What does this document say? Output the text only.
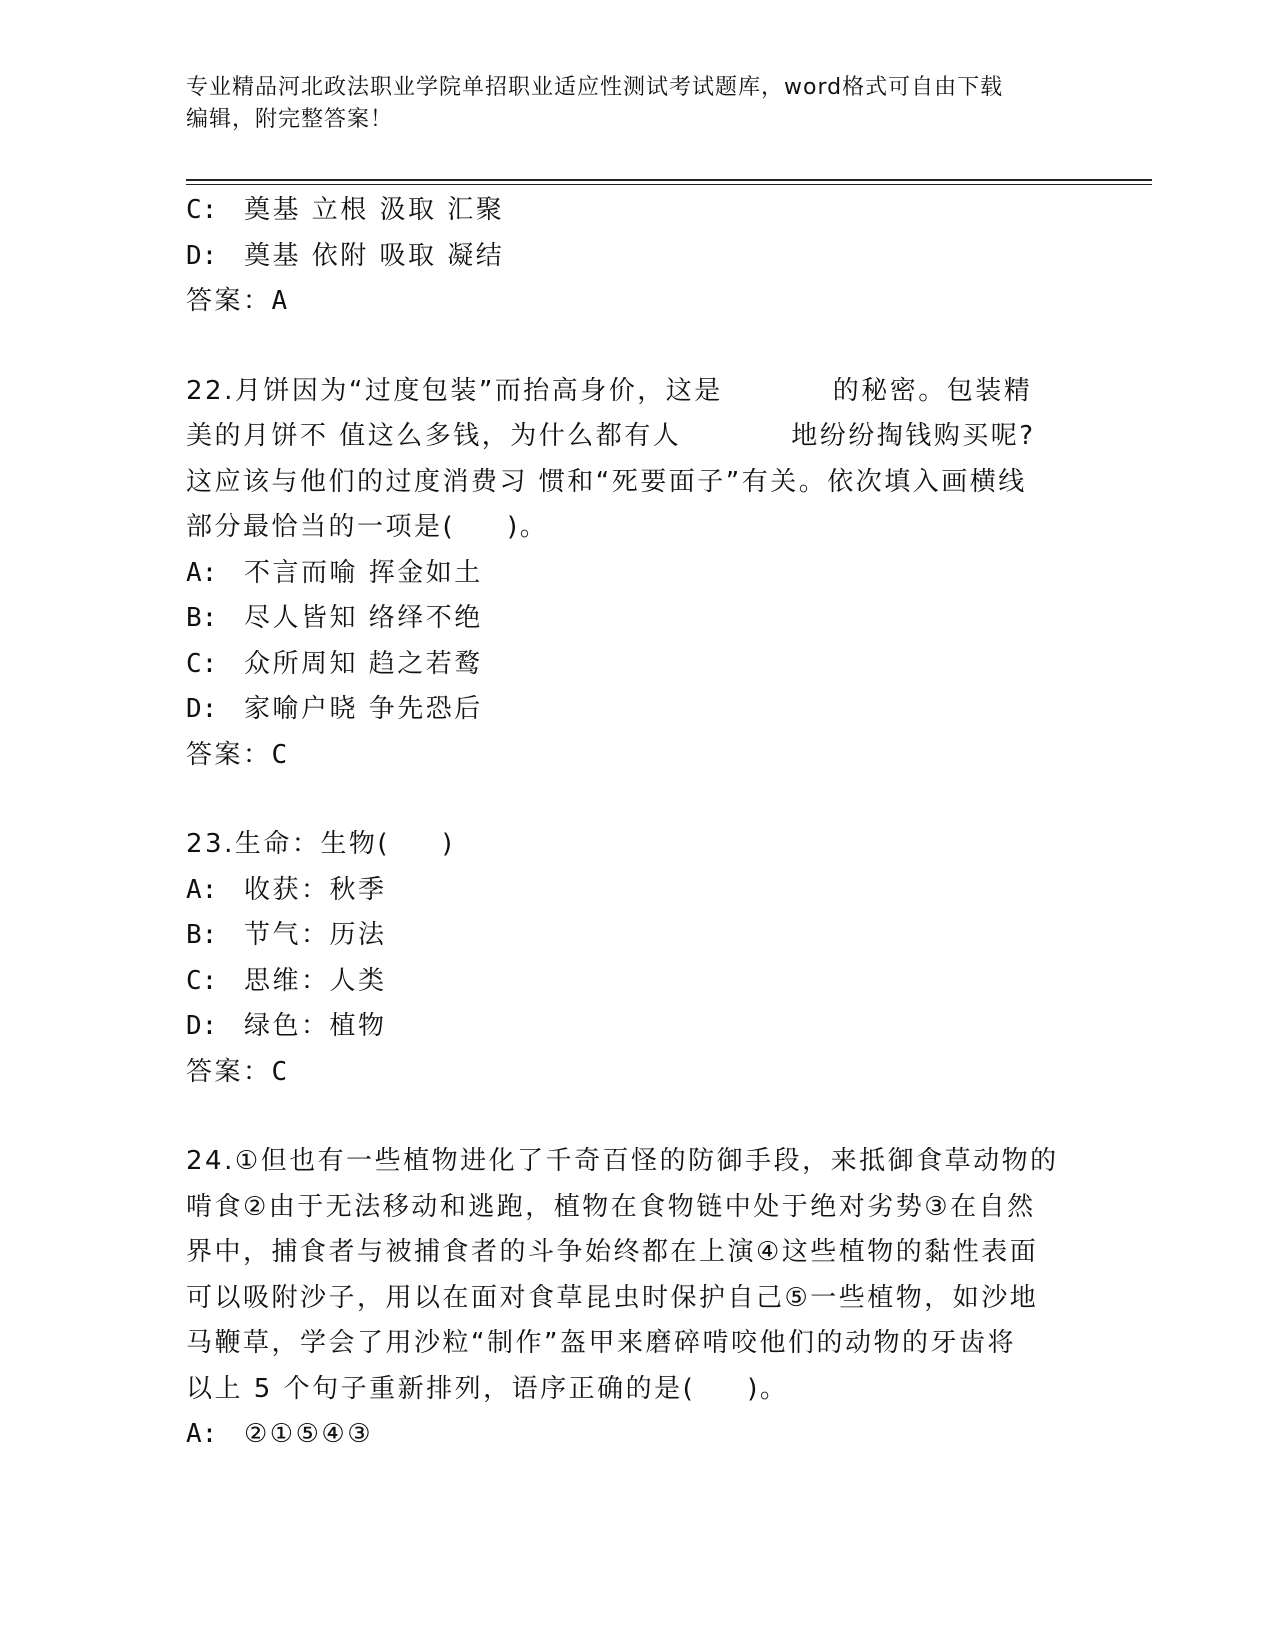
专业精品河北政法职业学院单招职业适应性测试考试题库，word格式可自由下载
编辑，附完整答案！
C: 奠基 立根 汲取 汇聚
D: 奠基 依附 吸取 凝结
答案：A
22.月饼因为“过度包装”而抬高身价，这是	的秘密。包装精
美的月饼不 值这么多钱，为什么都有人	地纷纷掏钱购买呢?
这应该与他们的过度消费习 惯和“死要面子”有关。依次填入画横线
部分最恰当的一项是( )。
A: 不言而喻 挥金如土
B: 尽人皆知 络绎不绝
C: 众所周知 趋之若鹜
D: 家喻户晓 争先恐后
答案：C
23.生命：生物( )
A: 收获：秋季
B: 节气：历法
C: 思维：人类
D: 绿色：植物
答案：C
24.①但也有一些植物进化了千奇百怪的防御手段，来抵御食草动物的
啃食②由于无法移动和逃跑，植物在食物链中处于绝对劣势③在自然
界中，捕食者与被捕食者的斗争始终都在上演④这些植物的黏性表面
可以吸附沙子，用以在面对食草昆虫时保护自己⑤一些植物，如沙地
马鞭草，学会了用沙粒“制作”盔甲来磨碎啃咬他们的动物的牙齿将
以上 5 个句子重新排列，语序正确的是( )。
A: ②①⑤④③
